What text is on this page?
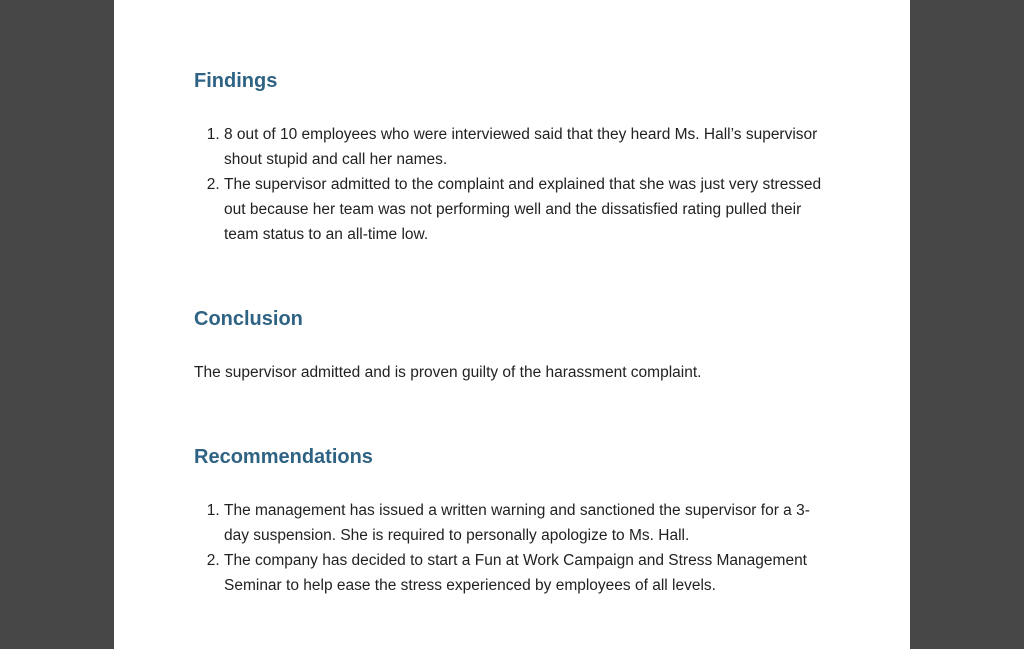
Findings
1. 8 out of 10 employees who were interviewed said that they heard Ms. Hall’s supervisor shout stupid and call her names.
2. The supervisor admitted to the complaint and explained that she was just very stressed out because her team was not performing well and the dissatisfied rating pulled their team status to an all-time low.
Conclusion

The supervisor admitted and is proven guilty of the harassment complaint.

Recommendations
1. The management has issued a written warning and sanctioned the supervisor for a 3-day suspension. She is required to personally apologize to Ms. Hall.
2. The company has decided to start a Fun at Work Campaign and Stress Management Seminar to help ease the stress experienced by employees of all levels.
